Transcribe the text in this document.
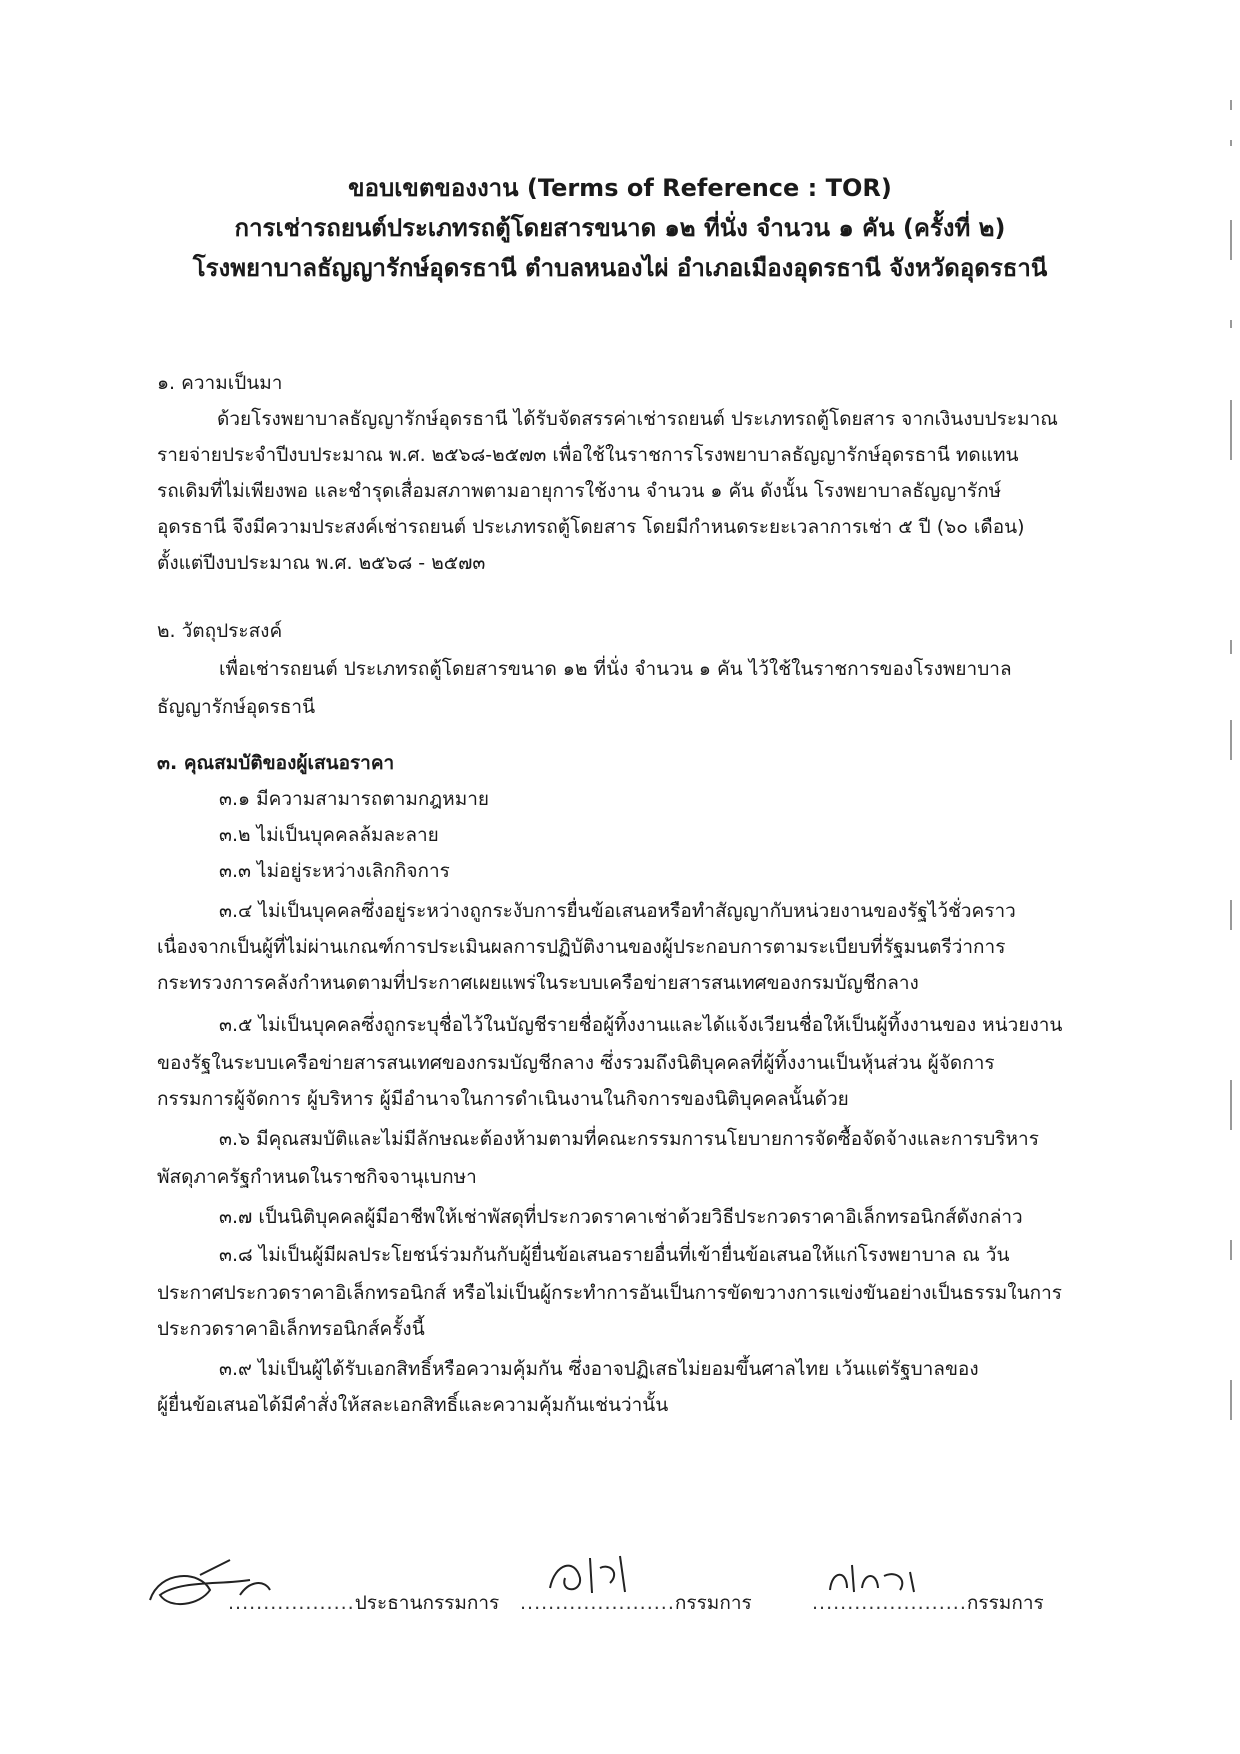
ขอบเขตของงาน (Terms of Reference : TOR)
การเช่ารถยนต์ประเภทรถตู้โดยสารขนาด ๑๒ ที่นั่ง จำนวน ๑ คัน (ครั้งที่ ๒)
โรงพยาบาลธัญญารักษ์อุดรธานี ตำบลหนองไผ่ อำเภอเมืองอุดรธานี จังหวัดอุดรธานี
๑. ความเป็นมา
ด้วยโรงพยาบาลธัญญารักษ์อุดรธานี ได้รับจัดสรรค่าเช่ารถยนต์ ประเภทรถตู้โดยสาร จากเงินงบประมาณ
รายจ่ายประจำปีงบประมาณ พ.ศ. ๒๕๖๘-๒๕๗๓ เพื่อใช้ในราชการโรงพยาบาลธัญญารักษ์อุดรธานี ทดแทน
รถเดิมที่ไม่เพียงพอ และชำรุดเสื่อมสภาพตามอายุการใช้งาน จำนวน ๑ คัน ดังนั้น โรงพยาบาลธัญญารักษ์
อุดรธานี จึงมีความประสงค์เช่ารถยนต์ ประเภทรถตู้โดยสาร โดยมีกำหนดระยะเวลาการเช่า ๕ ปี (๖๐ เดือน)
ตั้งแต่ปีงบประมาณ พ.ศ. ๒๕๖๘ - ๒๕๗๓
๒. วัตถุประสงค์
เพื่อเช่ารถยนต์ ประเภทรถตู้โดยสารขนาด ๑๒ ที่นั่ง จำนวน ๑ คัน ไว้ใช้ในราชการของโรงพยาบาล
ธัญญารักษ์อุดรธานี
๓. คุณสมบัติของผู้เสนอราคา
๓.๑ มีความสามารถตามกฎหมาย
๓.๒ ไม่เป็นบุคคลล้มละลาย
๓.๓ ไม่อยู่ระหว่างเลิกกิจการ
๓.๔ ไม่เป็นบุคคลซึ่งอยู่ระหว่างถูกระงับการยื่นข้อเสนอหรือทำสัญญากับหน่วยงานของรัฐไว้ชั่วคราว
เนื่องจากเป็นผู้ที่ไม่ผ่านเกณฑ์การประเมินผลการปฏิบัติงานของผู้ประกอบการตามระเบียบที่รัฐมนตรีว่าการ
กระทรวงการคลังกำหนดตามที่ประกาศเผยแพร่ในระบบเครือข่ายสารสนเทศของกรมบัญชีกลาง
๓.๕ ไม่เป็นบุคคลซึ่งถูกระบุชื่อไว้ในบัญชีรายชื่อผู้ทิ้งงานและได้แจ้งเวียนชื่อให้เป็นผู้ทิ้งงานของ หน่วยงาน
ของรัฐในระบบเครือข่ายสารสนเทศของกรมบัญชีกลาง ซึ่งรวมถึงนิติบุคคลที่ผู้ทิ้งงานเป็นหุ้นส่วน ผู้จัดการ
กรรมการผู้จัดการ ผู้บริหาร ผู้มีอำนาจในการดำเนินงานในกิจการของนิติบุคคลนั้นด้วย
๓.๖ มีคุณสมบัติและไม่มีลักษณะต้องห้ามตามที่คณะกรรมการนโยบายการจัดซื้อจัดจ้างและการบริหาร
พัสดุภาครัฐกำหนดในราชกิจจานุเบกษา
๓.๗ เป็นนิติบุคคลผู้มีอาชีพให้เช่าพัสดุที่ประกวดราคาเช่าด้วยวิธีประกวดราคาอิเล็กทรอนิกส์ดังกล่าว
๓.๘ ไม่เป็นผู้มีผลประโยชน์ร่วมกันกับผู้ยื่นข้อเสนอรายอื่นที่เข้ายื่นข้อเสนอให้แก่โรงพยาบาล ณ วัน
ประกาศประกวดราคาอิเล็กทรอนิกส์ หรือไม่เป็นผู้กระทำการอันเป็นการขัดขวางการแข่งขันอย่างเป็นธรรมในการ
ประกวดราคาอิเล็กทรอนิกส์ครั้งนี้
๓.๙ ไม่เป็นผู้ได้รับเอกสิทธิ์หรือความคุ้มกัน ซึ่งอาจปฏิเสธไม่ยอมขึ้นศาลไทย เว้นแต่รัฐบาลของ
ผู้ยื่นข้อเสนอได้มีคำสั่งให้สละเอกสิทธิ์และความคุ้มกันเช่นว่านั้น
..................ประธานกรรมการ ......................กรรมการ	......................กรรมการ
